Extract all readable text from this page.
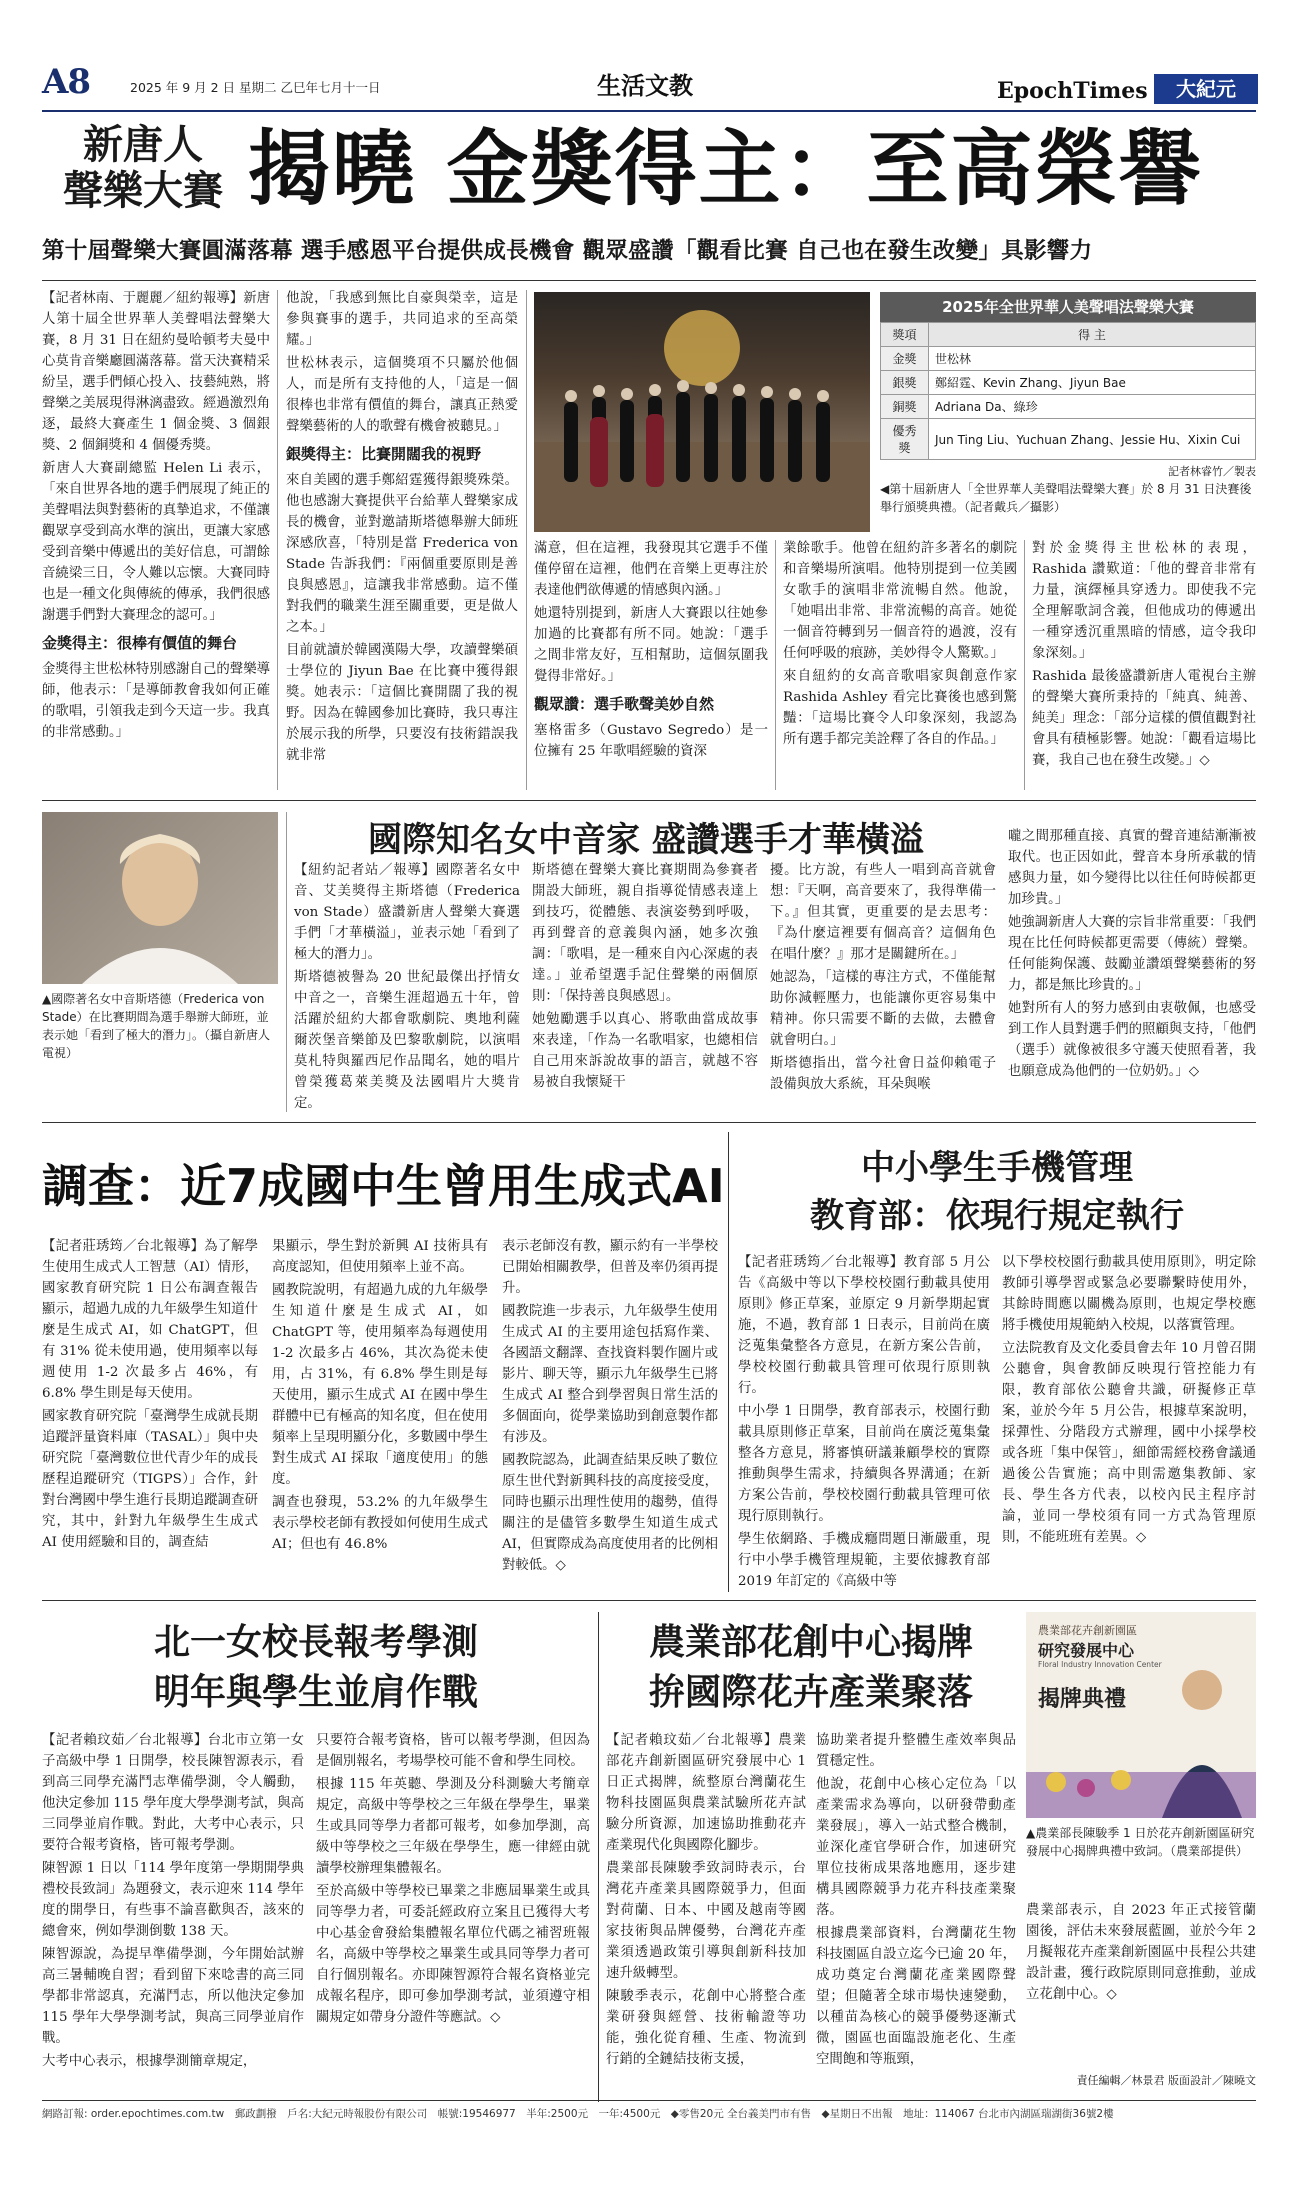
A8	2025 年 9 月 2 日 星期二 乙巳年七月十一日	生活文教	EpochTimes	大紀元
新唐人
聲樂大賽 揭曉 金獎得主：至高榮譽
第十屆聲樂大賽圓滿落幕 選手感恩平台提供成長機會 觀眾盛讚「觀看比賽 自己也在發生改變」具影響力

【記者林南、于麗麗／紐約報導】新唐人第十屆全世界華人美聲唱法聲樂大賽，8 月 31 日在紐約曼哈頓考夫曼中心莫肯音樂廳圓滿落幕。當天決賽精采紛呈，選手們傾心投入、技藝純熟，將聲樂之美展現得淋漓盡致。經過激烈角逐，最終大賽產生 1 個金獎、3 個銀獎、2 個銅獎和 4 個優秀獎。

新唐人大賽副總監 Helen Li 表示，「來自世界各地的選手們展現了純正的美聲唱法與對藝術的真摯追求，不僅讓觀眾享受到高水準的演出，更讓大家感受到音樂中傳遞出的美好信息，可謂餘音繞梁三日，令人難以忘懷。大賽同時也是一種文化與傳統的傳承，我們很感謝選手們對大賽理念的認可。」

金獎得主：很棒有價值的舞台

金獎得主世松林特別感謝自己的聲樂導師，他表示：「是導師教會我如何正確的歌唱，引領我走到今天這一步。我真的非常感動。」

他說，「我感到無比自豪與榮幸，這是參與賽事的選手，共同追求的至高榮耀。」

世松林表示，這個獎項不只屬於他個人，而是所有支持他的人，「這是一個很棒也非常有價值的舞台，讓真正熱愛聲樂藝術的人的歌聲有機會被聽見。」

銀獎得主：比賽開闊我的視野

來自美國的選手鄭紹霆獲得銀獎殊榮。他也感謝大賽提供平台給華人聲樂家成長的機會，並對邀請斯塔德舉辦大師班深感欣喜，「特別是當 Frederica von Stade 告訴我們：『兩個重要原則是善良與感恩』，這讓我非常感動。這不僅對我們的職業生涯至關重要，更是做人之本。」

目前就讀於韓國漢陽大學，攻讀聲樂碩士學位的 Jiyun Bae 在比賽中獲得銀獎。她表示：「這個比賽開闊了我的視野。因為在韓國參加比賽時，我只專注於展示我的所學，只要沒有技術錯誤我就非常

2025年全世界華人美聲唱法聲樂大賽
獎項	得 主
金獎	世松林
銀獎	鄭紹霆、Kevin Zhang、Jiyun Bae
銅獎	Adriana Da、綠珍
優秀獎	Jun Ting Liu、Yuchuan Zhang、Jessie Hu、Xixin Cui
記者林睿竹／製表
◀第十屆新唐人「全世界華人美聲唱法聲樂大賽」於 8 月 31 日決賽後舉行頒獎典禮。（記者戴兵／攝影）

滿意，但在這裡，我發現其它選手不僅僅停留在這裡，他們在音樂上更專注於表達他們欲傳遞的情感與內涵。」

她還特別提到，新唐人大賽跟以往她參加過的比賽都有所不同。她說：「選手之間非常友好，互相幫助，這個氛圍我覺得非常好。」

觀眾讚：選手歌聲美妙自然

塞格雷多（Gustavo Segredo）是一位擁有 25 年歌唱經驗的資深

業餘歌手。他曾在紐約許多著名的劇院和音樂場所演唱。他特別提到一位美國女歌手的演唱非常流暢自然。他說，「她唱出非常、非常流暢的高音。她從一個音符轉到另一個音符的過渡，沒有任何呼吸的痕跡，美妙得令人驚歎。」

來自紐約的女高音歌唱家與創意作家 Rashida Ashley 看完比賽後也感到驚豔：「這場比賽令人印象深刻，我認為所有選手都完美詮釋了各自的作品。」

對於金獎得主世松林的表現，Rashida 讚歎道：「他的聲音非常有力量，演繹極具穿透力。即使我不完全理解歌詞含義，但他成功的傳遞出一種穿透沉重黑暗的情感，這令我印象深刻。」

Rashida 最後盛讚新唐人電視台主辦的聲樂大賽所秉持的「純真、純善、純美」理念：「部分這樣的價值觀對社會具有積極影響。她說：「觀看這場比賽，我自己也在發生改變。」◇

國際知名女中音家 盛讚選手才華橫溢
▲國際著名女中音斯塔德（Frederica von Stade）在比賽期間為選手舉辦大師班，並表示她「看到了極大的潛力」。（攝自新唐人電視）

【紐約記者站／報導】國際著名女中音、艾美獎得主斯塔德（Frederica von Stade）盛讚新唐人聲樂大賽選手們「才華橫溢」，並表示她「看到了極大的潛力」。

斯塔德被譽為 20 世紀最傑出抒情女中音之一，音樂生涯超過五十年，曾活躍於紐約大都會歌劇院、奧地利薩爾茨堡音樂節及巴黎歌劇院，以演唱莫札特與羅西尼作品聞名，她的唱片曾榮獲葛萊美獎及法國唱片大獎肯定。

斯塔德在聲樂大賽比賽期間為參賽者開設大師班，親自指導從情感表達上到技巧，從體態、表演姿勢到呼吸，再到聲音的意義與內涵，她多次強調：「歌唱，是一種來自內心深處的表達。」並希望選手記住聲樂的兩個原則：「保持善良與感恩」。

她勉勵選手以真心、將歌曲當成故事來表達，「作為一名歌唱家，也總相信自己用來訴說故事的語言，就越不容易被自我懷疑干

擾。比方說，有些人一唱到高音就會想：『天啊，高音要來了，我得準備一下。』但其實，更重要的是去思考：『為什麼這裡要有個高音？這個角色在唱什麼？』那才是關鍵所在。」

她認為，「這樣的專注方式，不僅能幫助你減輕壓力，也能讓你更容易集中精神。你只需要不斷的去做，去體會就會明白。」

斯塔德指出，當今社會日益仰賴電子設備與放大系統，耳朵與喉

嚨之間那種直接、真實的聲音連結漸漸被取代。也正因如此，聲音本身所承載的情感與力量，如今變得比以往任何時候都更加珍貴。」

她強調新唐人大賽的宗旨非常重要：「我們現在比任何時候都更需要（傳統）聲樂。任何能夠保護、鼓勵並讚頌聲樂藝術的努力，都是無比珍貴的。」

她對所有人的努力感到由衷敬佩，也感受到工作人員對選手們的照顧與支持，「他們（選手）就像被很多守護天使照看著，我也願意成為他們的一位奶奶。」◇

調查：近7成國中生曾用生成式AI

【記者莊琇筠／台北報導】為了解學生使用生成式人工智慧（AI）情形，國家教育研究院 1 日公布調查報告顯示，超過九成的九年級學生知道什麼是生成式 AI，如 ChatGPT，但有 31% 從未使用過，使用頻率以每週使用 1-2 次最多占 46%，有 6.8% 學生則是每天使用。

國家教育研究院「臺灣學生成就長期追蹤評量資料庫（TASAL）」與中央研究院「臺灣數位世代青少年的成長歷程追蹤研究（TIGPS）」合作，針對台灣國中學生進行長期追蹤調查研究，其中，針對九年級學生生成式 AI 使用經驗和目的，調查結

果顯示，學生對於新興 AI 技術具有高度認知，但使用頻率上並不高。

國教院說明，有超過九成的九年級學生知道什麼是生成式 AI，如 ChatGPT 等，使用頻率為每週使用 1-2 次最多占 46%，其次為從未使用，占 31%，有 6.8% 學生則是每天使用，顯示生成式 AI 在國中學生群體中已有極高的知名度，但在使用頻率上呈現明顯分化，多數國中學生對生成式 AI 採取「適度使用」的態度。

調查也發現，53.2% 的九年級學生表示學校老師有教授如何使用生成式 AI；但也有 46.8%

表示老師沒有教，顯示約有一半學校已開始相關教學，但普及率仍須再提升。

國教院進一步表示，九年級學生使用生成式 AI 的主要用途包括寫作業、各國語文翻譯、查找資料製作圖片或影片、聊天等，顯示九年級學生已將生成式 AI 整合到學習與日常生活的多個面向，從學業協助到創意製作都有涉及。

國教院認為，此調查結果反映了數位原生世代對新興科技的高度接受度，同時也顯示出理性使用的趨勢，值得關注的是儘管多數學生知道生成式 AI，但實際成為高度使用者的比例相對較低。◇

中小學生手機管理
教育部：依現行規定執行

【記者莊琇筠／台北報導】教育部 5 月公告《高級中等以下學校校園行動載具使用原則》修正草案，並原定 9 月新學期起實施，不過，教育部 1 日表示，目前尚在廣泛蒐集彙整各方意見，在新方案公告前，學校校園行動載具管理可依現行原則執行。

中小學 1 日開學，教育部表示，校園行動載具原則修正草案，目前尚在廣泛蒐集彙整各方意見，將審慎研議兼顧學校的實際推動與學生需求，持續與各界溝通；在新方案公告前，學校校園行動載具管理可依現行原則執行。

學生依網路、手機成癮問題日漸嚴重，現行中小學手機管理規範，主要依據教育部 2019 年訂定的《高級中等

以下學校校園行動載具使用原則》，明定除教師引導學習或緊急必要聯繫時使用外，其餘時間應以關機為原則，也規定學校應將手機使用規範納入校規，以落實管理。

立法院教育及文化委員會去年 10 月曾召開公聽會，與會教師反映現行管控能力有限，教育部依公聽會共識，研擬修正草案，並於今年 5 月公告，根據草案說明，採彈性、分階段方式辦理，國中小採學校或各班「集中保管」，細節需經校務會議通過後公告實施；高中則需邀集教師、家長、學生各方代表，以校內民主程序討論，並同一學校須有同一方式為管理原則，不能班班有差異。◇

北一女校長報考學測
明年與學生並肩作戰

【記者賴玟茹／台北報導】台北市立第一女子高級中學 1 日開學，校長陳智源表示，看到高三同學充滿鬥志準備學測，令人觸動，他決定參加 115 學年度大學學測考試，與高三同學並肩作戰。對此，大考中心表示，只要符合報考資格，皆可報考學測。

陳智源 1 日以「114 學年度第一學期開學典禮校長致詞」為題發文，表示迎來 114 學年度的開學日，有些事不論喜歡與否，該來的總會來，例如學測倒數 138 天。

陳智源說，為提早準備學測，今年開始試辦高三暑輔晚自習；看到留下來唸書的高三同學都非常認真，充滿鬥志，所以他決定參加 115 學年大學學測考試，與高三同學並肩作戰。

大考中心表示，根據學測簡章規定，

只要符合報考資格，皆可以報考學測，但因為是個別報名，考場學校可能不會和學生同校。

根據 115 年英聽、學測及分科測驗大考簡章規定，高級中等學校之三年級在學學生，畢業生或具同等學力者都可報考，如參加學測，高級中等學校之三年級在學學生，應一律經由就讀學校辦理集體報名。

至於高級中等學校已畢業之非應屆畢業生或具同等學力者，可委託經政府立案且已獲得大考中心基金會發給集體報名單位代碼之補習班報名，高級中等學校之畢業生或具同等學力者可自行個別報名。亦即陳智源符合報名資格並完成報名程序，即可參加學測考試，並須遵守相關規定如帶身分證件等應試。◇

農業部花創中心揭牌
拚國際花卉產業聚落
農業部花卉創新園區
研究發展中心
Floral Industry Innovation Center
揭牌典禮
▲農業部長陳駿季 1 日於花卉創新園區研究發展中心揭牌典禮中致詞。（農業部提供）

【記者賴玟茹／台北報導】農業部花卉創新園區研究發展中心 1 日正式揭牌，統整原台灣蘭花生物科技園區與農業試驗所花卉試驗分所資源，加速協助推動花卉產業現代化與國際化腳步。

農業部長陳駿季致詞時表示，台灣花卉產業具國際競爭力，但面對荷蘭、日本、中國及越南等國家技術與品牌優勢，台灣花卉產業須透過政策引導與創新科技加速升級轉型。

陳駿季表示，花創中心將整合產業研發與經營、技術輸證等功能，強化從育種、生產、物流到行銷的全鏈結技術支援，

協助業者提升整體生產效率與品質穩定性。

他說，花創中心核心定位為「以產業需求為導向，以研發帶動產業發展」，導入一站式整合機制，並深化產官學研合作，加速研究單位技術成果落地應用，逐步建構具國際競爭力花卉科技產業聚落。

根據農業部資料，台灣蘭花生物科技園區自設立迄今已逾 20 年，成功奠定台灣蘭花產業國際聲望；但隨著全球市場快速變動，以種苗為核心的競爭優勢逐漸式微，園區也面臨設施老化、生產空間飽和等瓶頸，

農業部表示，自 2023 年正式接管蘭園後，評估未來發展藍圖，並於今年 2 月擬報花卉產業創新園區中長程公共建設計畫，獲行政院原則同意推動，並成立花創中心。◇

責任編輯／林景君 版面設計／陳曉文
網路訂報: order.epochtimes.com.tw　郵政劃撥　戶名:大紀元時報股份有限公司　帳號:19546977　半年:2500元　一年:4500元　◆零售20元 全台義美門市有售　◆星期日不出報　地址：114067 台北市內湖區瑞湖街36號2樓
